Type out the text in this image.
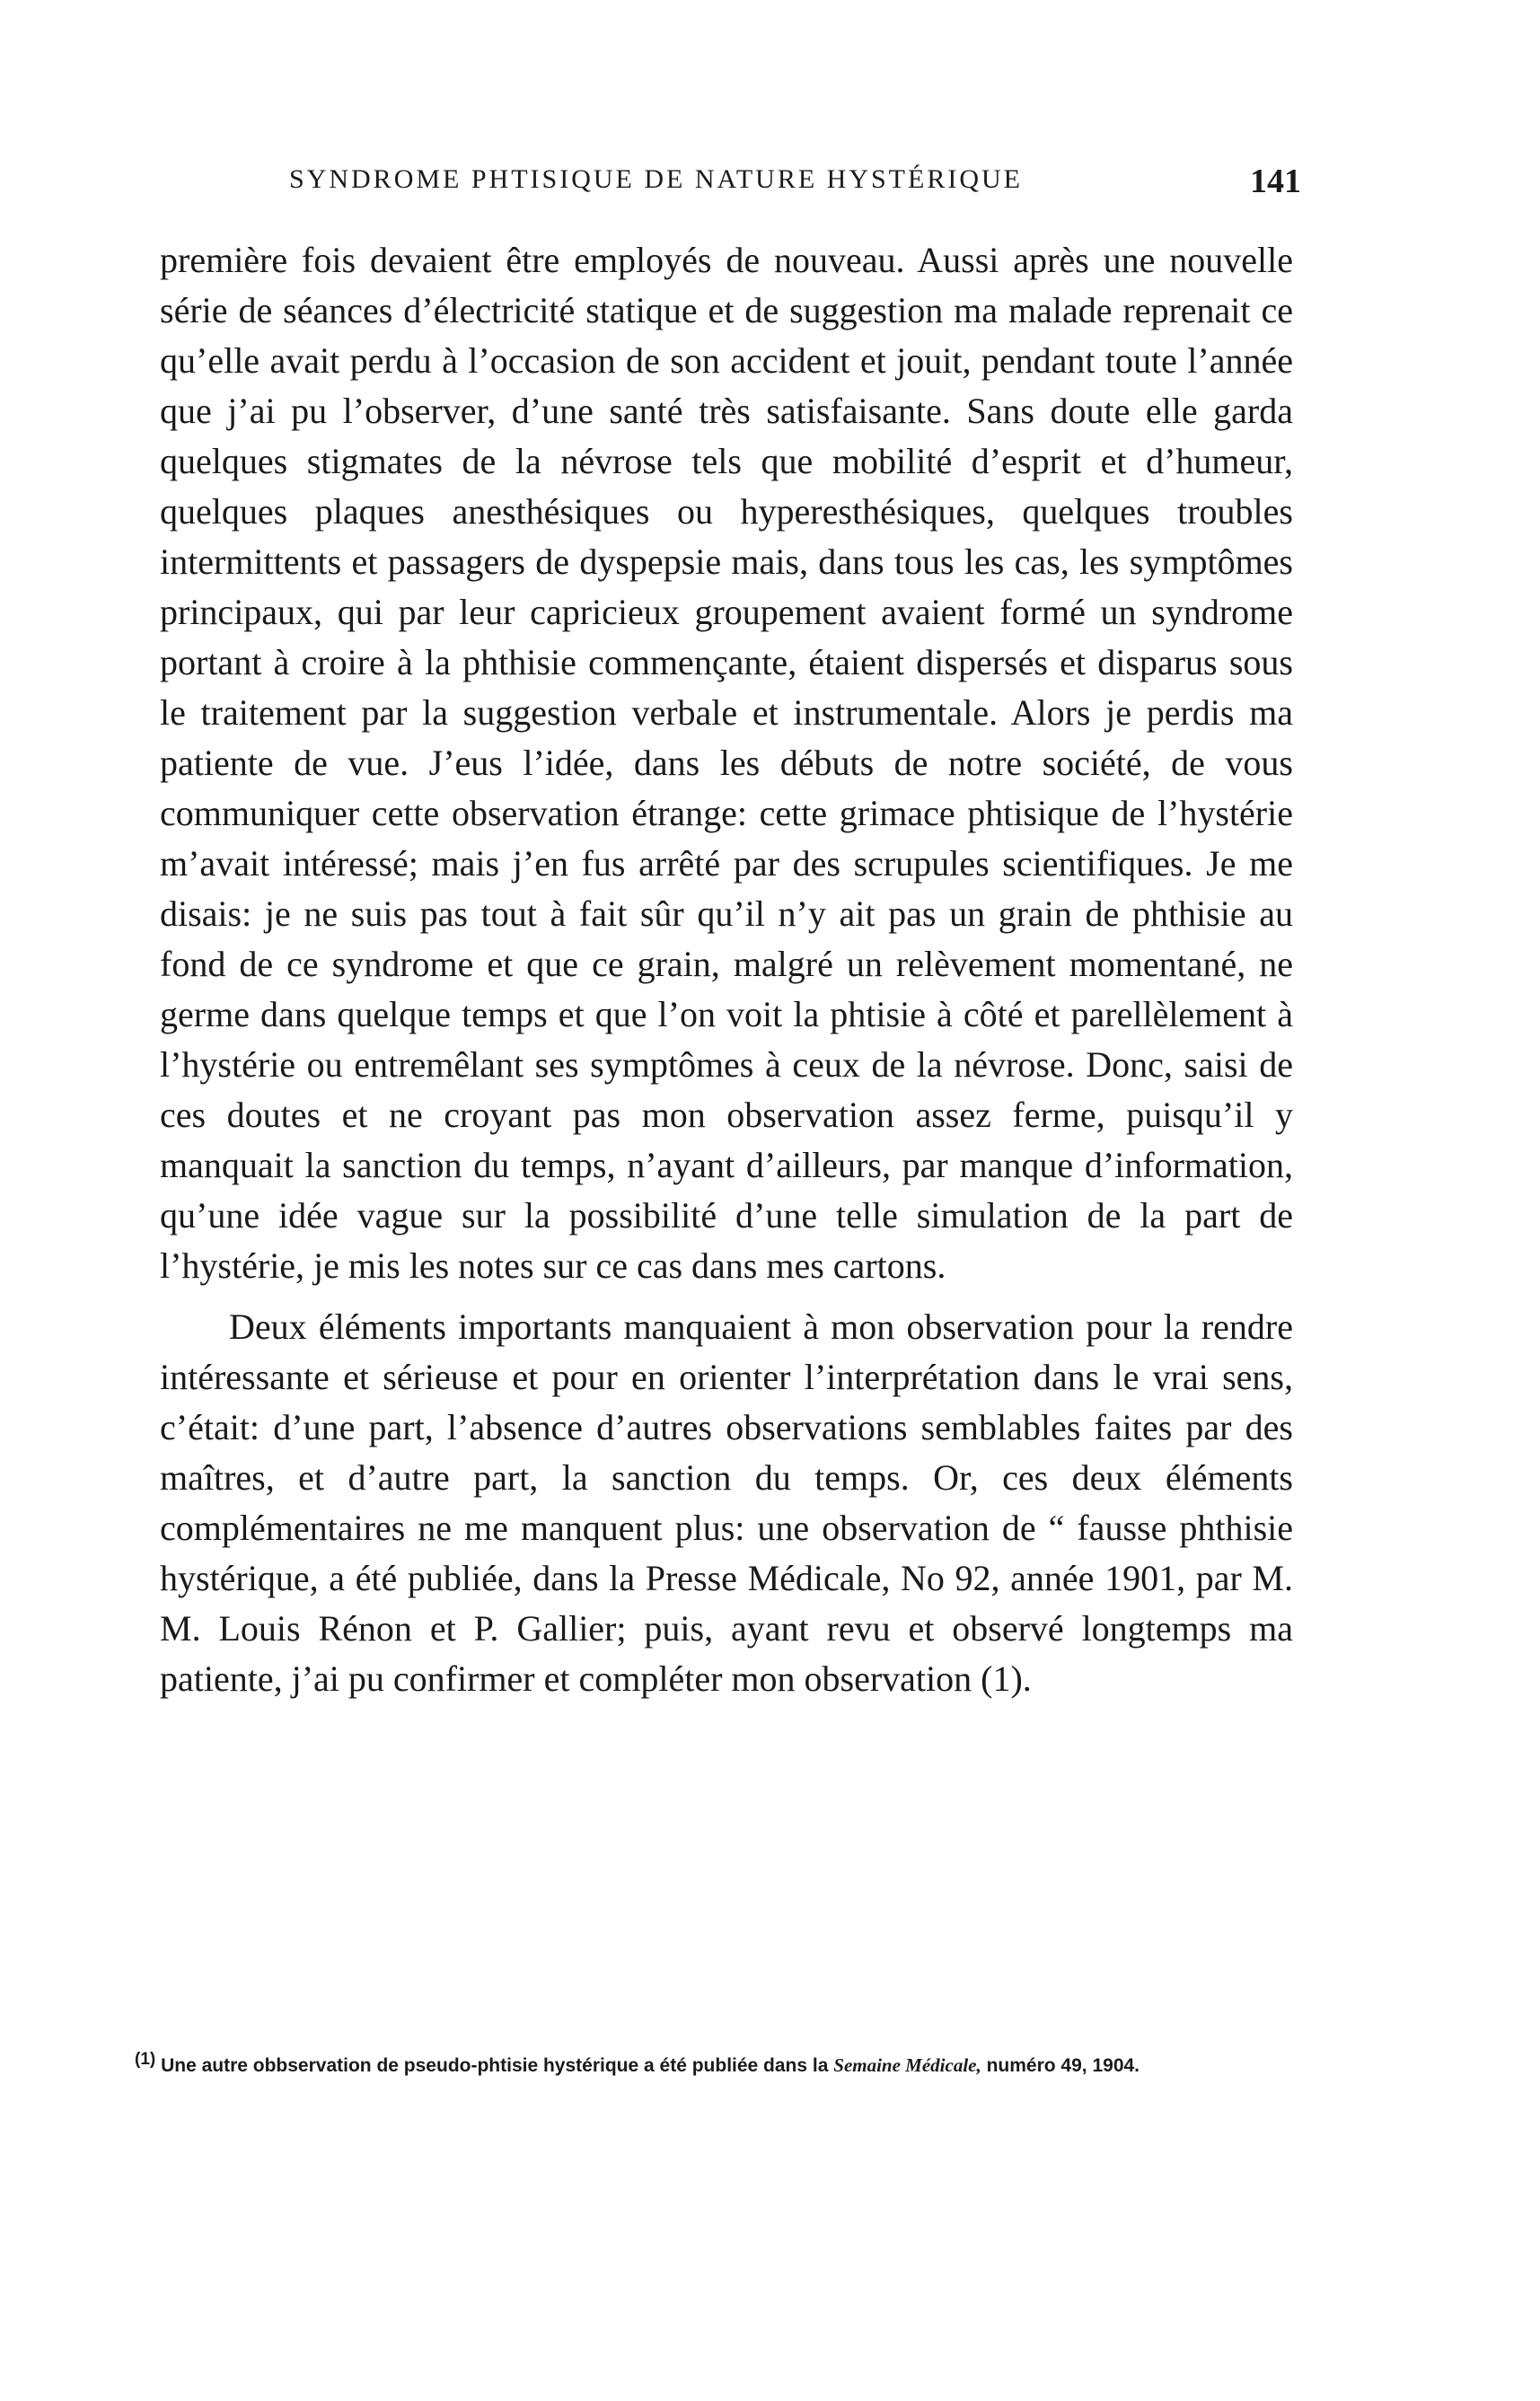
SYNDROME PHTISIQUE DE NATURE HYSTÉRIQUE	141

première fois devaient être employés de nouveau. Aussi après une nouvelle série de séances d’électricité statique et de suggestion ma malade reprenait ce qu’elle avait perdu à l’occasion de son accident et jouit, pendant toute l’année que j’ai pu l’observer, d’une santé très satisfaisante. Sans doute elle garda quelques stigmates de la névrose tels que mobilité d’esprit et d’humeur, quelques plaques anesthésiques ou hyperesthésiques, quelques troubles intermittents et passagers de dyspepsie mais, dans tous les cas, les symptômes principaux, qui par leur capricieux groupement avaient formé un syndrome portant à croire à la phthisie commençante, étaient dispersés et disparus sous le traitement par la suggestion verbale et instrumentale. Alors je perdis ma patiente de vue. J’eus l’idée, dans les débuts de notre société, de vous communiquer cette observation étrange: cette grimace phtisique de l’hystérie m’avait intéressé; mais j’en fus arrêté par des scrupules scientifiques. Je me disais: je ne suis pas tout à fait sûr qu’il n’y ait pas un grain de phthisie au fond de ce syndrome et que ce grain, malgré un relèvement momentané, ne germe dans quelque temps et que l’on voit la phtisie à côté et parellèlement à l’hystérie ou entremêlant ses symptômes à ceux de la névrose. Donc, saisi de ces doutes et ne croyant pas mon observation assez ferme, puisqu’il y manquait la sanction du temps, n’ayant d’ailleurs, par manque d’information, qu’une idée vague sur la possibilité d’une telle simulation de la part de l’hystérie, je mis les notes sur ce cas dans mes cartons.

Deux éléments importants manquaient à mon observation pour la rendre intéressante et sérieuse et pour en orienter l’interprétation dans le vrai sens, c’était: d’une part, l’absence d’autres observations semblables faites par des maîtres, et d’autre part, la sanction du temps. Or, ces deux éléments complémentaires ne me manquent plus: une observation de “ fausse phthisie hystérique, a été publiée, dans la Presse Médicale, No 92, année 1901, par M. M. Louis Rénon et P. Gallier; puis, ayant revu et observé longtemps ma patiente, j’ai pu confirmer et compléter mon observation (1).

(1) Une autre obbservation de pseudo-phtisie hystérique a été publiée dans la Semaine Médicale, numéro 49, 1904.
